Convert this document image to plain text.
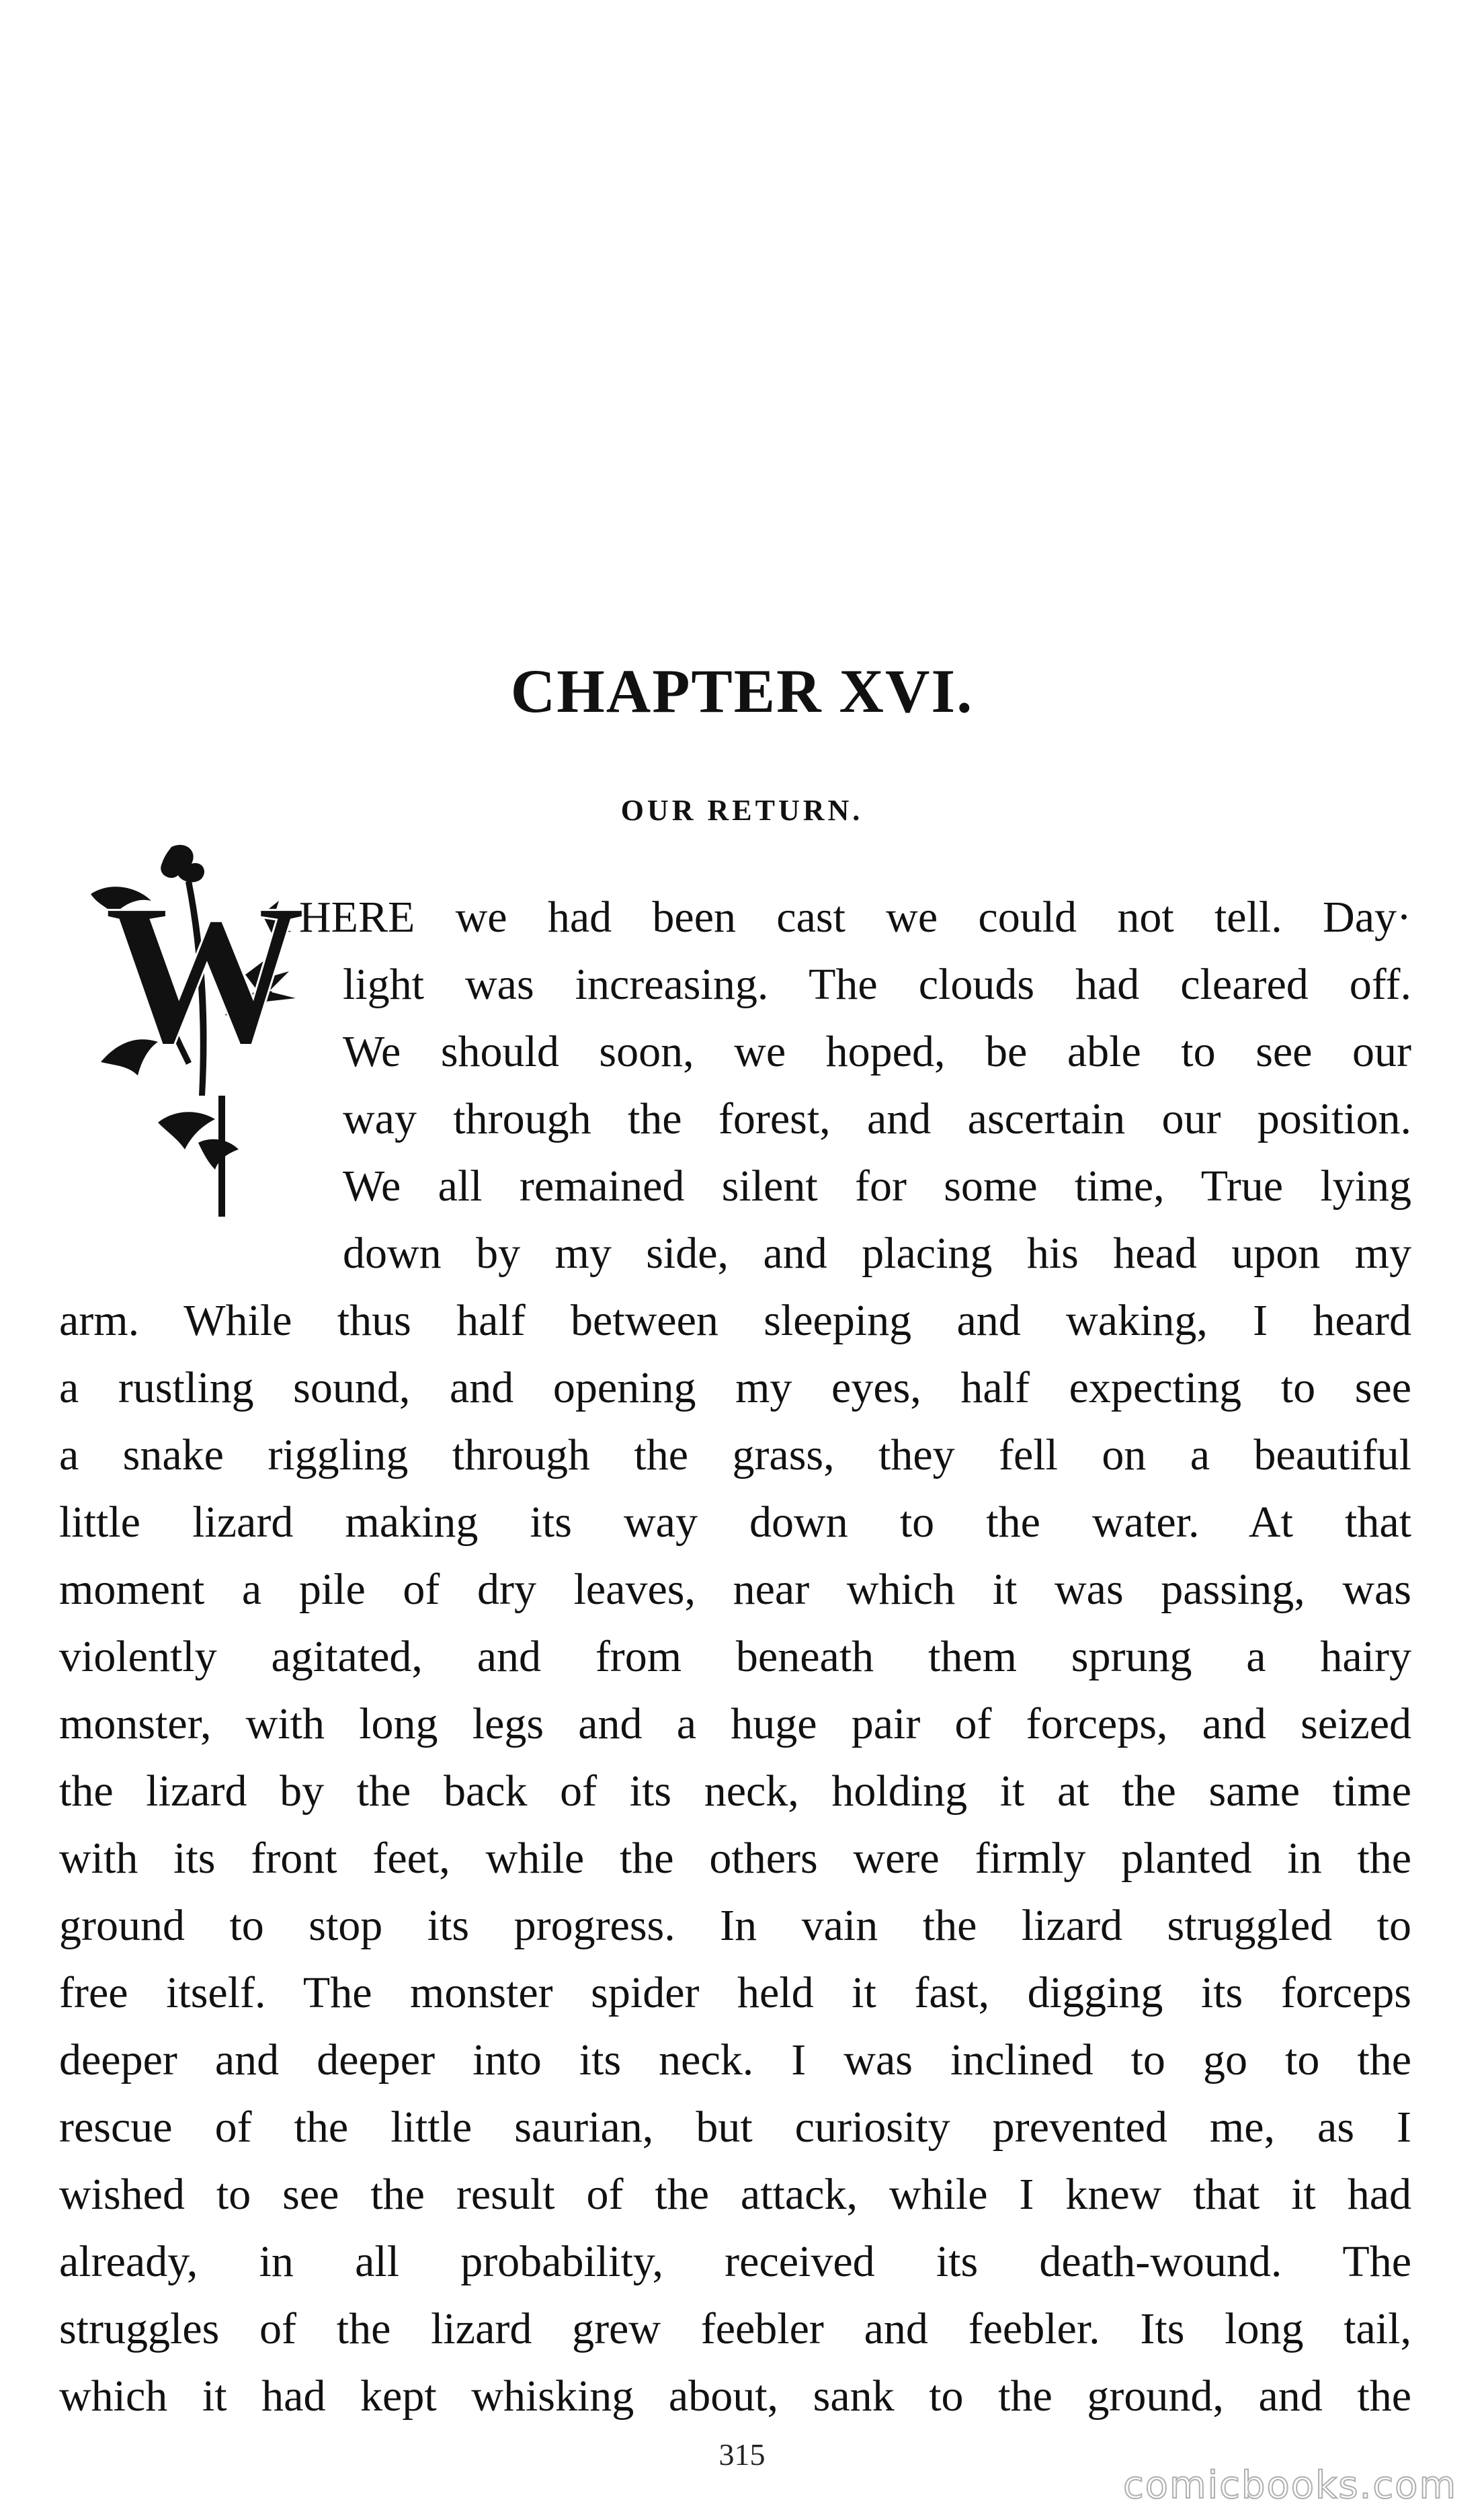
CHAPTER XVI.
OUR RETURN.
W
HERE we had been cast we could not tell. Day·
light was increasing. The clouds had cleared off.
We should soon, we hoped, be able to see our
way through the forest, and ascertain our position.
We all remained silent for some time, True lying
down by my side, and placing his head upon my
arm. While thus half between sleeping and waking, I heard
a rustling sound, and opening my eyes, half expecting to see
a snake riggling through the grass, they fell on a beautiful
little lizard making its way down to the water. At that
moment a pile of dry leaves, near which it was passing, was
violently agitated, and from beneath them sprung a hairy
monster, with long legs and a huge pair of forceps, and seized
the lizard by the back of its neck, holding it at the same time
with its front feet, while the others were firmly planted in the
ground to stop its progress. In vain the lizard struggled to
free itself. The monster spider held it fast, digging its forceps
deeper and deeper into its neck. I was inclined to go to the
rescue of the little saurian, but curiosity prevented me, as I
wished to see the result of the attack, while I knew that it had
already, in all probability, received its death-wound. The
struggles of the lizard grew feebler and feebler. Its long tail,
which it had kept whisking about, sank to the ground, and the
315
comicbooks.com
